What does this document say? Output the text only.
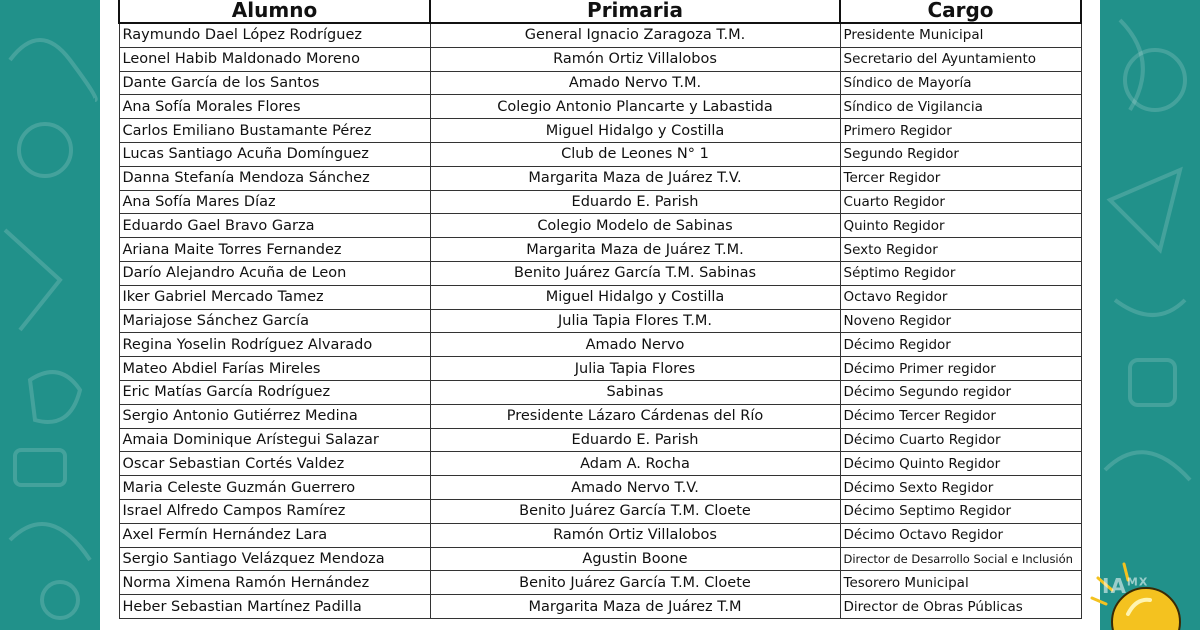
Alumno	Primaria	Cargo
Raymundo Dael López Rodríguez	General Ignacio Zaragoza T.M.	Presidente Municipal
Leonel Habib Maldonado Moreno	Ramón Ortiz Villalobos	Secretario del Ayuntamiento
Dante García de los Santos	Amado Nervo T.M.	Síndico de Mayoría
Ana Sofía Morales Flores	Colegio Antonio Plancarte y Labastida	Síndico de Vigilancia
Carlos Emiliano Bustamante Pérez	Miguel Hidalgo y Costilla	Primero Regidor
Lucas Santiago Acuña Domínguez	Club de Leones N° 1	Segundo Regidor
Danna Stefanía Mendoza Sánchez	Margarita Maza de Juárez T.V.	Tercer Regidor
Ana Sofía Mares Díaz	Eduardo E. Parish	Cuarto Regidor
Eduardo Gael Bravo Garza	Colegio Modelo de Sabinas	Quinto Regidor
Ariana Maite Torres Fernandez	Margarita Maza de Juárez T.M.	Sexto Regidor
Darío Alejandro Acuña de Leon	Benito Juárez García T.M. Sabinas	Séptimo Regidor
Iker Gabriel Mercado Tamez	Miguel Hidalgo y Costilla	Octavo Regidor
Mariajose Sánchez García	Julia Tapia Flores T.M.	Noveno Regidor
Regina Yoselin Rodríguez Alvarado	Amado Nervo	Décimo Regidor
Mateo Abdiel Farías Mireles	Julia Tapia Flores	Décimo Primer regidor
Eric Matías García Rodríguez	Sabinas	Décimo Segundo regidor
Sergio Antonio Gutiérrez Medina	Presidente Lázaro Cárdenas del Río	Décimo Tercer Regidor
Amaia Dominique Arístegui Salazar	Eduardo E. Parish	Décimo Cuarto Regidor
Oscar Sebastian Cortés Valdez	Adam A. Rocha	Décimo Quinto Regidor
Maria Celeste Guzmán Guerrero	Amado Nervo T.V.	Décimo Sexto Regidor
Israel Alfredo Campos Ramírez	Benito Juárez García T.M. Cloete	Décimo Septimo Regidor
Axel Fermín Hernández Lara	Ramón Ortiz Villalobos	Décimo Octavo Regidor
Sergio Santiago Velázquez Mendoza	Agustin Boone	Director de Desarrollo Social e Inclusión
Norma Ximena Ramón Hernández	Benito Juárez García T.M. Cloete	Tesorero Municipal
Heber Sebastian Martínez Padilla	Margarita Maza de Juárez T.M	Director de Obras Públicas
$IA^{MX}$
